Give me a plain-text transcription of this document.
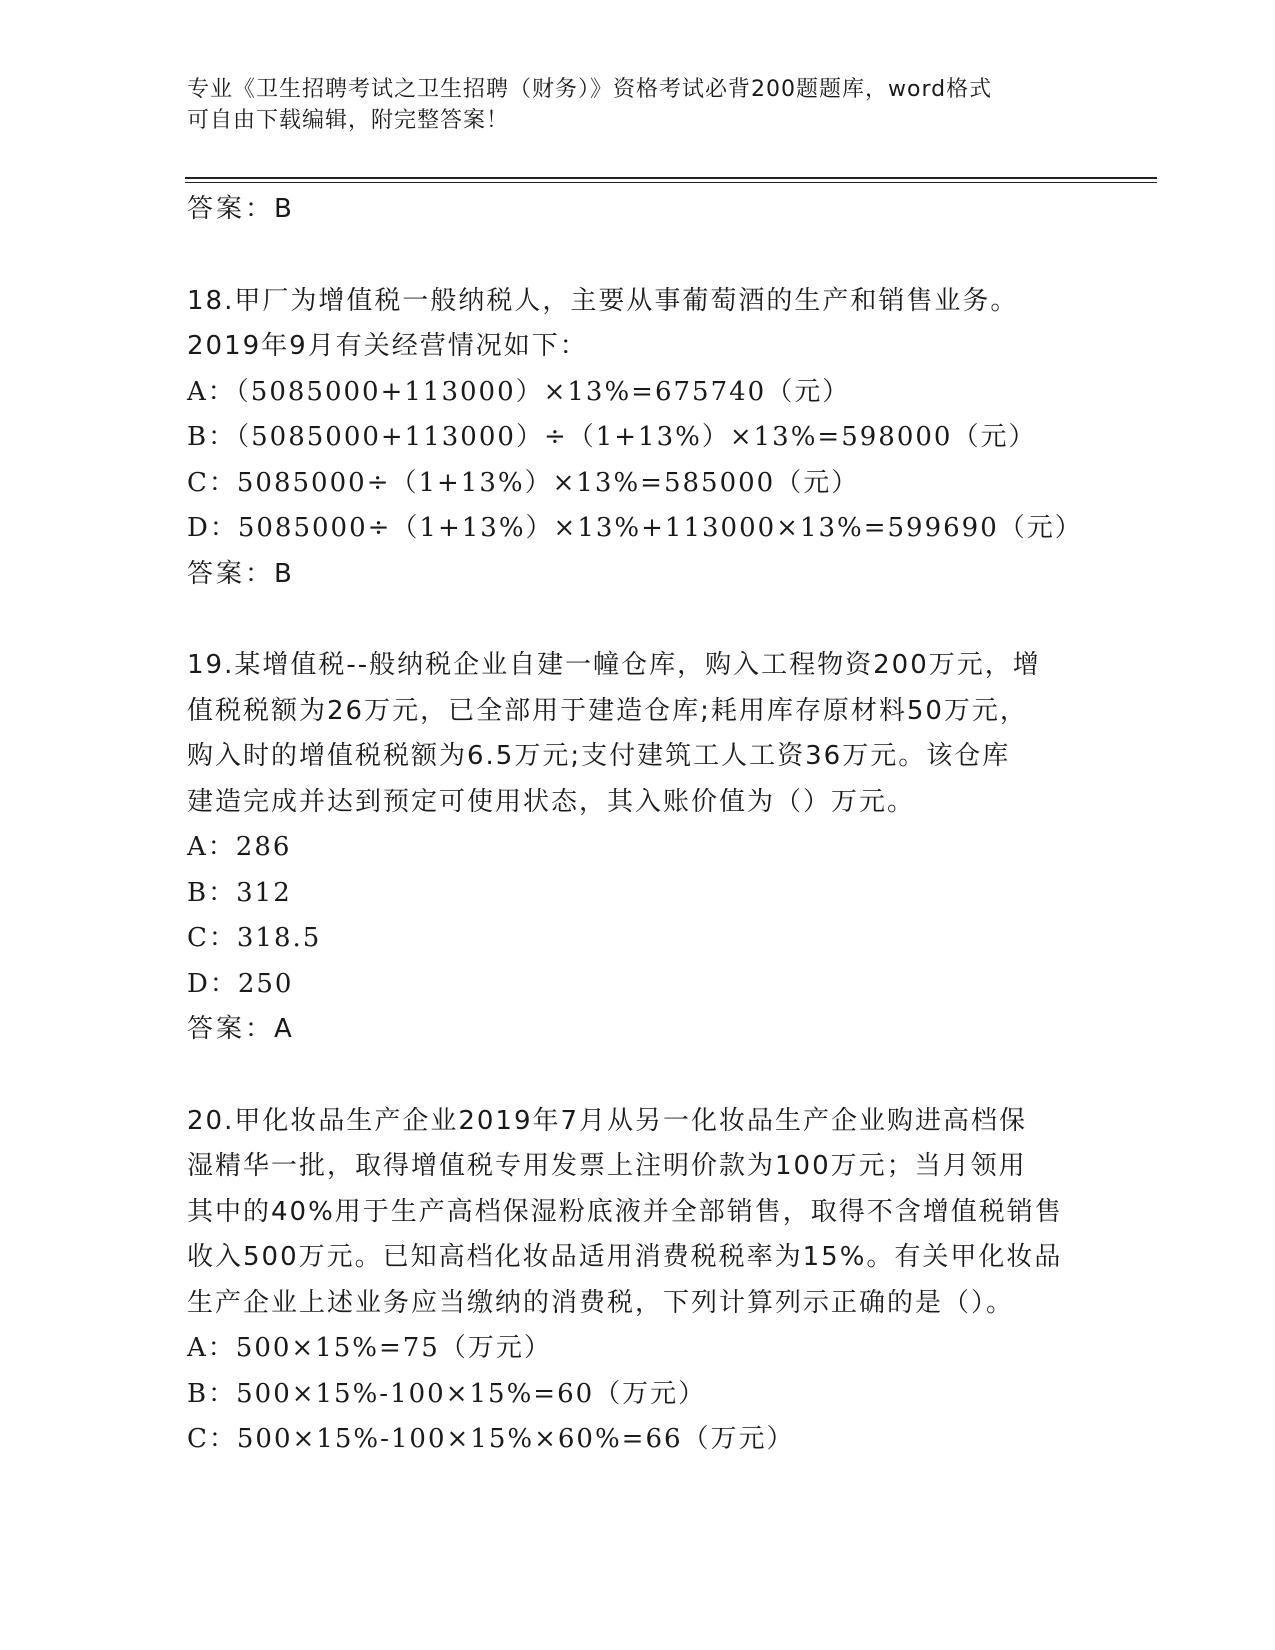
专业《卫生招聘考试之卫生招聘（财务）》资格考试必背200题题库，word格式
可自由下载编辑，附完整答案！
答案：B
18.甲厂为增值税一般纳税人，主要从事葡萄酒的生产和销售业务。
2019年9月有关经营情况如下：
A：（5085000+113000）×13%=675740（元）
B：（5085000+113000）÷（1+13%）×13%=598000（元）
C：5085000÷（1+13%）×13%=585000（元）
D：5085000÷（1+13%）×13%+113000×13%=599690（元）
答案：B
19.某增值税--般纳税企业自建一幢仓库，购入工程物资200万元，增
值税税额为26万元，已全部用于建造仓库;耗用库存原材料50万元，
购入时的增值税税额为6.5万元;支付建筑工人工资36万元。该仓库
建造完成并达到预定可使用状态，其入账价值为（）万元。
A：286
B：312
C：318.5
D：250
答案：A
20.甲化妆品生产企业2019年7月从另一化妆品生产企业购进高档保
湿精华一批，取得增值税专用发票上注明价款为100万元；当月领用
其中的40%用于生产高档保湿粉底液并全部销售，取得不含增值税销售
收入500万元。已知高档化妆品适用消费税税率为15%。有关甲化妆品
生产企业上述业务应当缴纳的消费税，下列计算列示正确的是（）。
A：500×15%=75（万元）
B：500×15%-100×15%=60（万元）
C：500×15%-100×15%×60%=66（万元）
